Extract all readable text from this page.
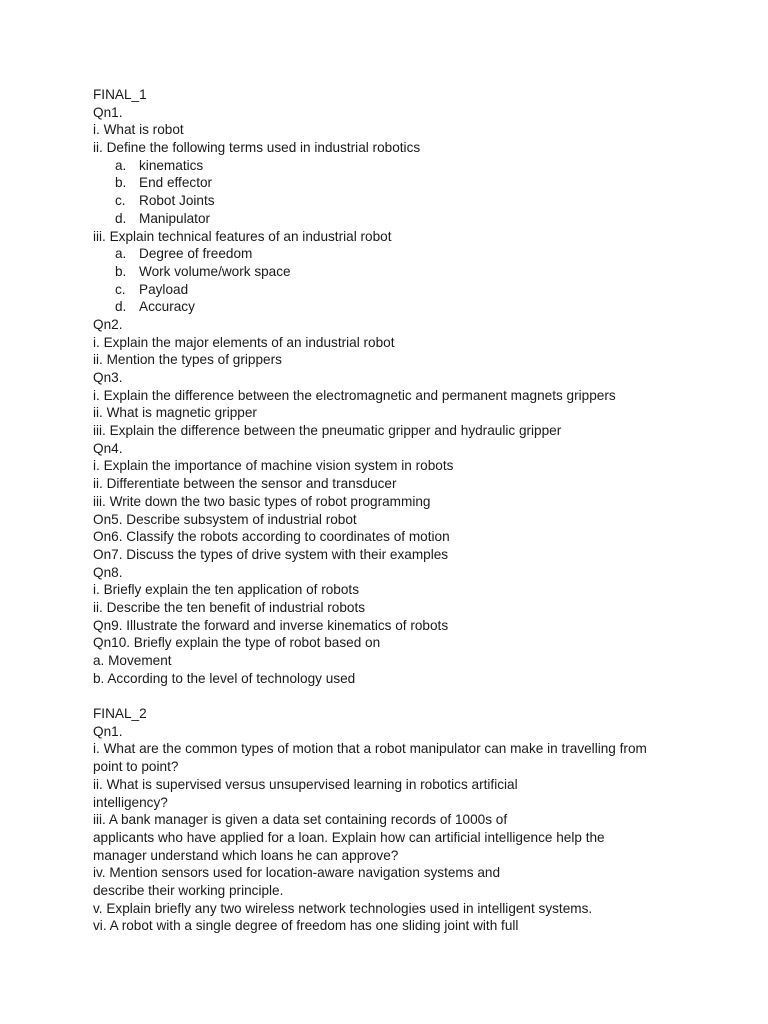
FINAL_1
Qn1.
i. What is robot
ii. Define the following terms used in industrial robotics
a. kinematics
b. End effector
c. Robot Joints
d. Manipulator
iii. Explain technical features of an industrial robot
a. Degree of freedom
b. Work volume/work space
c. Payload
d. Accuracy
Qn2.
i. Explain the major elements of an industrial robot
ii. Mention the types of grippers
Qn3.
i. Explain the difference between the electromagnetic and permanent magnets grippers
ii. What is magnetic gripper
iii. Explain the difference between the pneumatic gripper and hydraulic gripper
Qn4.
i. Explain the importance of machine vision system in robots
ii. Differentiate between the sensor and transducer
iii. Write down the two basic types of robot programming
On5. Describe subsystem of industrial robot
On6. Classify the robots according to coordinates of motion
On7. Discuss the types of drive system with their examples
Qn8.
i. Briefly explain the ten application of robots
ii. Describe the ten benefit of industrial robots
Qn9. Illustrate the forward and inverse kinematics of robots
Qn10. Briefly explain the type of robot based on
a. Movement
b. According to the level of technology used
FINAL_2
Qn1.
i. What are the common types of motion that a robot manipulator can make in travelling from
point to point?
ii. What is supervised versus unsupervised learning in robotics artificial
intelligency?
iii. A bank manager is given a data set containing records of 1000s of
applicants who have applied for a loan. Explain how can artificial intelligence help the
manager understand which loans he can approve?
iv. Mention sensors used for location-aware navigation systems and
describe their working principle.
v. Explain briefly any two wireless network technologies used in intelligent systems.
vi. A robot with a single degree of freedom has one sliding joint with full
